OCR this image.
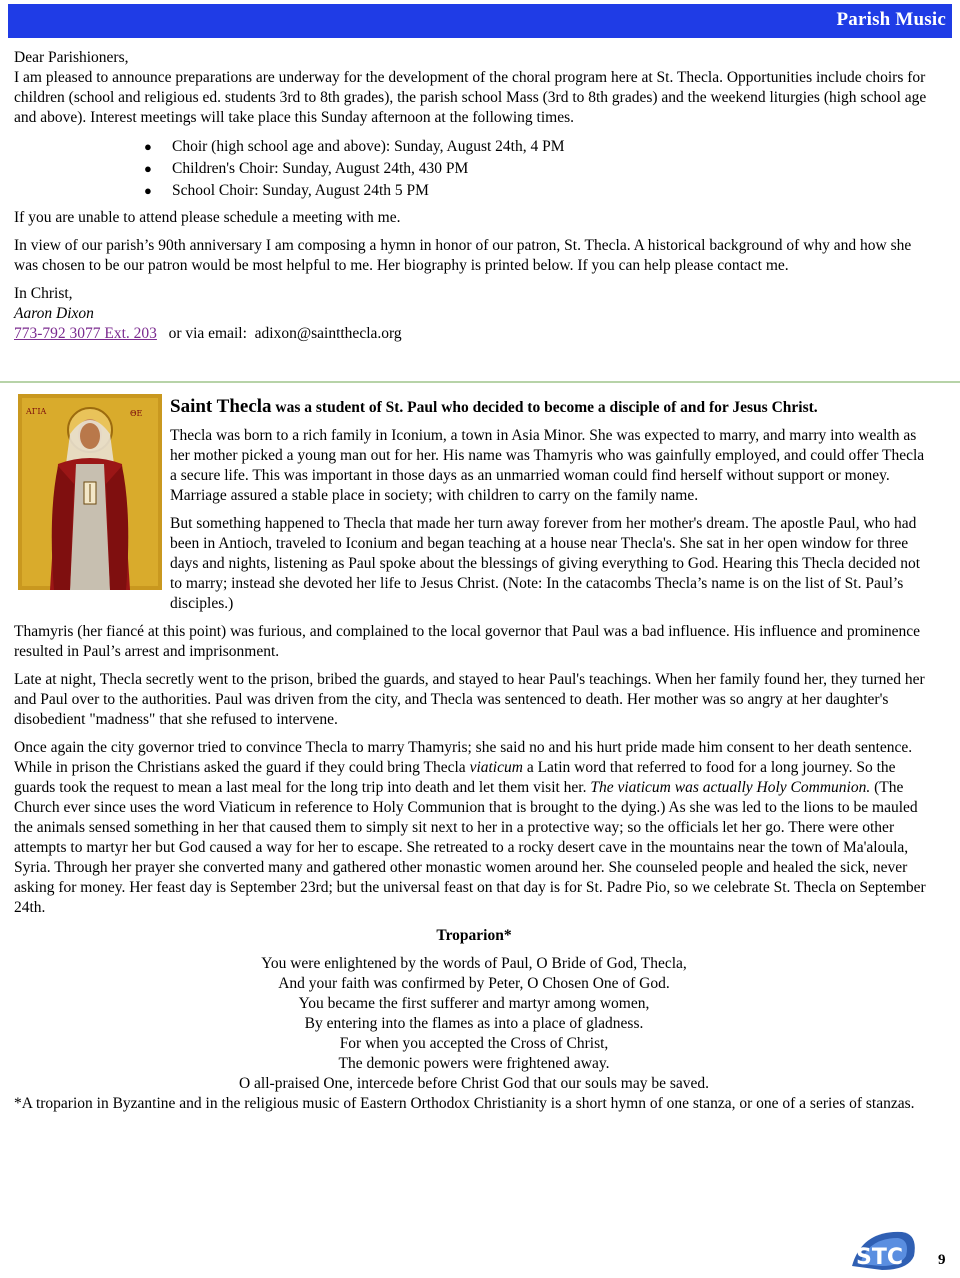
Parish Music

Dear Parishioners,

I am pleased to announce preparations are underway for the development of the choral program here at St. Thecla. Opportunities include choirs for children (school and religious ed. students 3rd to 8th grades), the parish school Mass (3rd to 8th grades) and the weekend liturgies (high school age and above). Interest meetings will take place this Sunday afternoon at the following times.

● Choir (high school age and above): Sunday, August 24th, 4 PM
● Children's Choir: Sunday, August 24th, 430 PM
● School Choir: Sunday, August 24th 5 PM

If you are unable to attend please schedule a meeting with me.

In view of our parish’s 90th anniversary I am composing a hymn in honor of our patron, St. Thecla. A historical background of why and how she was chosen to be our patron would be most helpful to me. Her biography is printed below. If you can help please contact me.

In Christ,

Aaron Dixon

773-792 3077 Ext. 203   or via email:  adixon@saintthecla.org

ΑΓΙΑ	ΘΕ	Saint Thecla was a student of St. Paul who decided to become a disciple of and for Jesus Christ.

Thecla was born to a rich family in Iconium, a town in Asia Minor. She was expected to marry, and marry into wealth as her mother picked a young man out for her. His name was Thamyris who was gainfully employed, and could offer Thecla a secure life. This was important in those days as an unmarried woman could find herself without support or money. Marriage assured a stable place in society; with children to carry on the family name.

But something happened to Thecla that made her turn away forever from her mother's dream. The apostle Paul, who had been in Antioch, traveled to Iconium and began teaching at a house near Thecla's. She sat in her open window for three days and nights, listening as Paul spoke about the blessings of giving everything to God. Hearing this Thecla decided not to marry; instead she devoted her life to Jesus Christ. (Note: In the catacombs Thecla’s name is on the list of St. Paul’s disciples.)

Thamyris (her fiancé at this point) was furious, and complained to the local governor that Paul was a bad influence. His influence and prominence resulted in Paul’s arrest and imprisonment.

Late at night, Thecla secretly went to the prison, bribed the guards, and stayed to hear Paul's teachings. When her family found her, they turned her and Paul over to the authorities. Paul was driven from the city, and Thecla was sentenced to death. Her mother was so angry at her daughter's disobedient "madness" that she refused to intervene.

Once again the city governor tried to convince Thecla to marry Thamyris; she said no and his hurt pride made him consent to her death sentence. While in prison the Christians asked the guard if they could bring Thecla viaticum a Latin word that referred to food for a long journey. So the guards took the request to mean a last meal for the long trip into death and let them visit her. The viaticum was actually Holy Communion. (The Church ever since uses the word Viaticum in reference to Holy Communion that is brought to the dying.) As she was led to the lions to be mauled the animals sensed something in her that caused them to simply sit next to her in a protective way; so the officials let her go. There were other attempts to martyr her but God caused a way for her to escape. She retreated to a rocky desert cave in the mountains near the town of Ma'aloula, Syria. Through her prayer she converted many and gathered other monastic women around her. She counseled people and healed the sick, never asking for money. Her feast day is September 23rd; but the universal feast on that day is for St. Padre Pio, so we celebrate St. Thecla on September 24th.

Troparion*

You were enlightened by the words of Paul, O Bride of God, Thecla,

And your faith was confirmed by Peter, O Chosen One of God.

You became the first sufferer and martyr among women,

By entering into the flames as into a place of gladness.

For when you accepted the Cross of Christ,

The demonic powers were frightened away.

O all-praised One, intercede before Christ God that our souls may be saved.

*A troparion in Byzantine and in the religious music of Eastern Orthodox Christianity is a short hymn of one stanza, or one of a series of stanzas.

STC 9
